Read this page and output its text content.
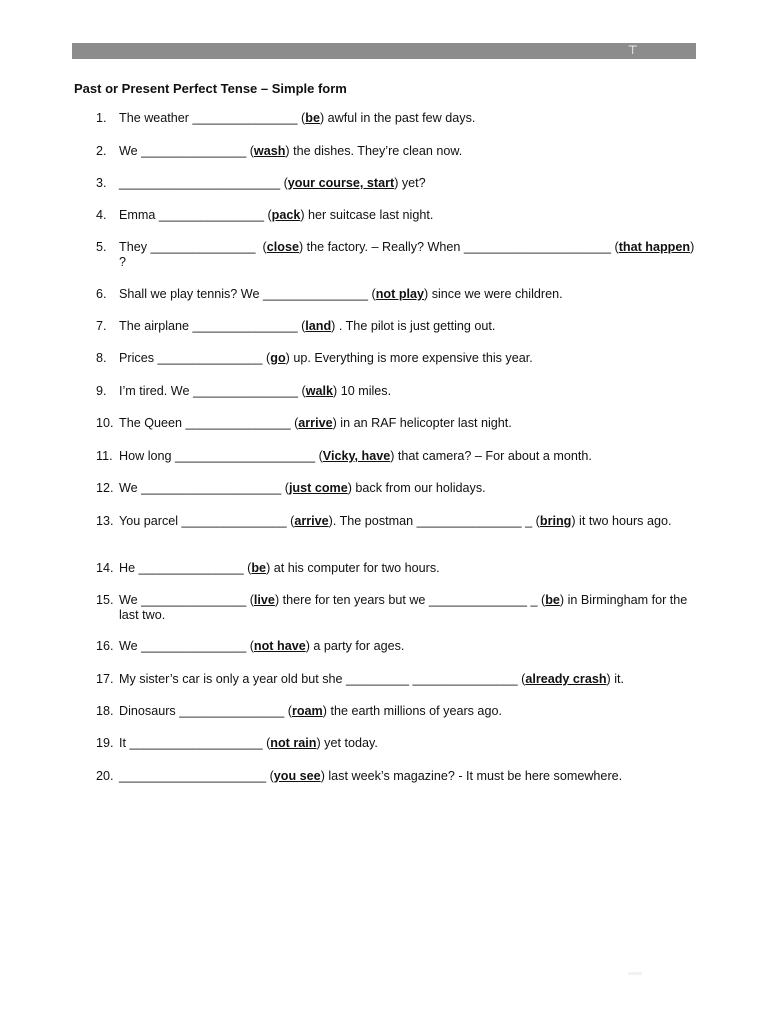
⊤
Past or Present Perfect Tense – Simple form
1. The weather _______________ (be) awful in the past few days.
2. We _______________ (wash) the dishes. They’re clean now.
3. _______________________ (your course, start) yet?
4. Emma _______________ (pack) her suitcase last night.
5. They _______________  (close) the factory. – Really? When _____________________ (that happen) ?
6. Shall we play tennis? We _______________ (not play) since we were children.
7. The airplane _______________ (land) . The pilot is just getting out.
8. Prices _______________ (go) up. Everything is more expensive this year.
9. I’m tired. We _______________ (walk) 10 miles.
10. The Queen _______________ (arrive) in an RAF helicopter last night.
11. How long ____________________ (Vicky, have) that camera? – For about a month.
12. We ____________________ (just come) back from our holidays.
13. You parcel _______________ (arrive). The postman _______________ _ (bring) it two hours ago.
14. He _______________ (be) at his computer for two hours.
15. We _______________ (live) there for ten years but we ______________ _ (be) in Birmingham for the last two.
16. We _______________ (not have) a party for ages.
17. My sister’s car is only a year old but she _________ _______________ (already crash) it.
18. Dinosaurs _______________ (roam) the earth millions of years ago.
19. It ___________________ (not rain) yet today.
20. _____________________ (you see) last week’s magazine? - It must be here somewhere.
